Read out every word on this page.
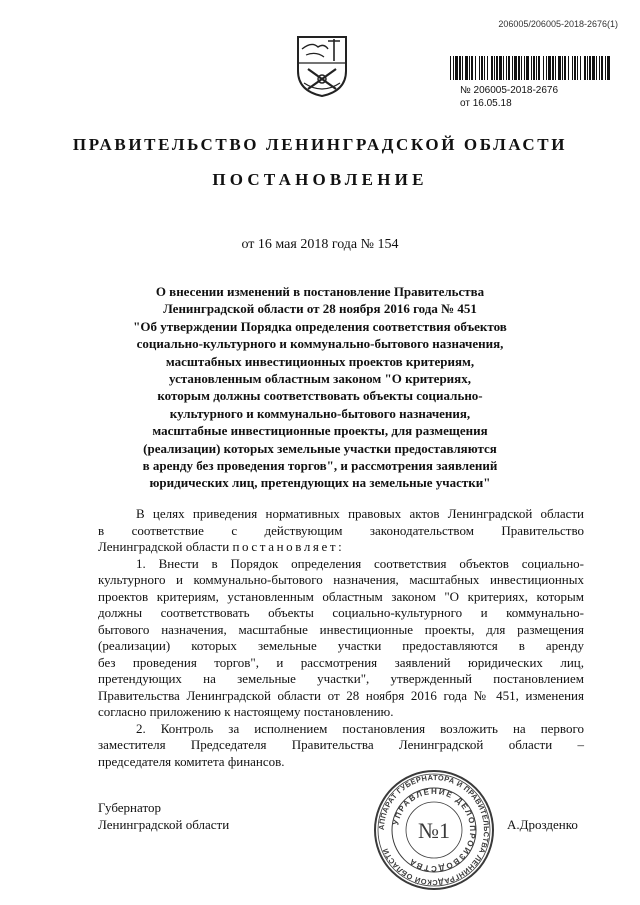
206005/206005-2018-2676(1)
№ 206005-2018-2676
от 16.05.18
ПРАВИТЕЛЬСТВО ЛЕНИНГРАДСКОЙ ОБЛАСТИ
ПОСТАНОВЛЕНИЕ
от 16 мая 2018 года № 154
О внесении изменений в постановление Правительства
Ленинградской области от 28 ноября 2016 года № 451
"Об утверждении Порядка определения соответствия объектов
социально-культурного и коммунально-бытового назначения,
масштабных инвестиционных проектов критериям,
установленным областным законом "О критериях,
которым должны соответствовать объекты социально-
культурного и коммунально-бытового назначения,
масштабные инвестиционные проекты, для размещения
(реализации) которых земельные участки предоставляются
в аренду без проведения торгов", и рассмотрения заявлений
юридических лиц, претендующих на земельные участки"
В целях приведения нормативных правовых актов Ленинградской области
в соответствие с действующим законодательством Правительство
Ленинградской области постановляет:
1. Внести в Порядок определения соответствия объектов социально-
культурного и коммунально-бытового назначения, масштабных инвестиционных
проектов критериям, установленным областным законом "О критериях, которым
должны соответствовать объекты социально-культурного и коммунально-
бытового назначения, масштабные инвестиционные проекты, для размещения
(реализации) которых земельные участки предоставляются в аренду
без проведения торгов", и рассмотрения заявлений юридических лиц,
претендующих на земельные участки", утвержденный постановлением
Правительства Ленинградской области от 28 ноября 2016 года № 451, изменения
согласно приложению к настоящему постановлению.
2. Контроль за исполнением постановления возложить на первого
заместителя Председателя Правительства Ленинградской области –
председателя комитета финансов.
Губернатор
Ленинградской области	А.Дрозденко
АППАРАТ ГУБЕРНАТОРА И ПРАВИТЕЛЬСТВА ЛЕНИНГРАДСКОЙ ОБЛАСТИ
УПРАВЛЕНИЕ ДЕЛОПРОИЗВОДСТВА
№1
